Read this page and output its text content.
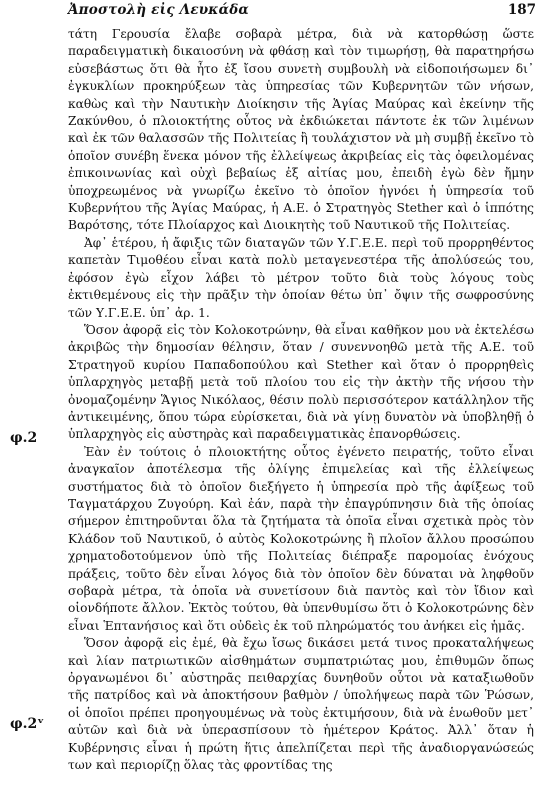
Ἀποστολὴ εἰς Λευκάδα	187
φ.2
φ.2ᵛ

τάτη Γερουσία ἔλαβε σοβαρὰ μέτρα, διὰ νὰ κατορθώσῃ ὥστε παραδειγματικὴ δικαιοσύνη νὰ φθάσῃ καὶ τὸν τιμωρήσῃ, θὰ παρατηρήσω εὐσεβάστως ὅτι θὰ ἦτο ἐξ ἴσου συνετὴ συμβουλὴ νὰ εἰδοποιήσωμεν δι᾽ ἐγκυκλίων προκηρύξεων τὰς ὑπηρεσίας τῶν Κυβερνητῶν τῶν νήσων, καθὼς καὶ τὴν Ναυτικὴν Διοίκησιν τῆς Ἁγίας Μαύρας καὶ ἐκείνην τῆς Ζακύνθου, ὁ πλοιοκτήτης οὗτος νὰ ἐκδιώκεται πάντοτε ἐκ τῶν λιμένων καὶ ἐκ τῶν θαλασσῶν τῆς Πολιτείας ἢ τουλάχιστον νὰ μὴ συμβῇ ἐκεῖνο τὸ ὁποῖον συνέβη ἕνεκα μόνον τῆς ἐλλείψεως ἀκριβείας εἰς τὰς ὀφειλομένας ἐπικοινωνίας καὶ οὐχὶ βεβαίως ἐξ αἰτίας μου, ἐπειδὴ ἐγὼ δὲν ἤμην ὑποχρεωμένος νὰ γνωρίζω ἐκεῖνο τὸ ὁποῖον ἠγνόει ἡ ὑπηρεσία τοῦ Κυβερνήτου τῆς Ἁγίας Μαύρας, ἡ Α.Ε. ὁ Στρατηγὸς Stether καὶ ὁ ἱππότης Βαρότσης, τότε Πλοίαρχος καὶ Διοικητὴς τοῦ Ναυτικοῦ τῆς Πολιτείας.

Ἀφ᾽ ἑτέρου, ἡ ἄφιξις τῶν διαταγῶν τῶν Υ.Γ.Ε.Ε. περὶ τοῦ προρρηθέντος καπετὰν Τιμοθέου εἶναι κατὰ πολὺ μεταγενεστέρα τῆς ἀπολύσεώς του, ἐφόσον ἐγὼ εἶχον λάβει τὸ μέτρον τοῦτο διὰ τοὺς λόγους τοὺς ἐκτιθεμένους εἰς τὴν πρᾶξιν τὴν ὁποίαν θέτω ὑπ᾽ ὄψιν τῆς σωφροσύνης τῶν Υ.Γ.Ε.Ε. ὑπ᾽ ἀρ. 1.

Ὅσον ἀφορᾷ εἰς τὸν Κολοκοτρώνην, θὰ εἶναι καθῆκον μου νὰ ἐκτελέσω ἀκριβῶς τὴν δημοσίαν θέλησιν, ὅταν / συνεννοηθῶ μετὰ τῆς Α.Ε. τοῦ Στρατηγοῦ κυρίου Παπαδοπούλου καὶ Stether καὶ ὅταν ὁ προρρηθεὶς ὑπλαρχηγὸς μεταβῇ μετὰ τοῦ πλοίου του εἰς τὴν ἀκτὴν τῆς νήσου τὴν ὀνομαζομένην Ἅγιος Νικόλαος, θέσιν πολὺ περισσότερον κατάλληλον τῆς ἀντικειμένης, ὅπου τώρα εὑρίσκεται, διὰ νὰ γίνῃ δυνατὸν νὰ ὑποβληθῇ ὁ ὑπλαρχηγὸς εἰς αὐστηρὰς καὶ παραδειγματικὰς ἐπανορθώσεις.

Ἐὰν ἐν τούτοις ὁ πλοιοκτήτης οὗτος ἐγένετο πειρατής, τοῦτο εἶναι ἀναγκαῖον ἀποτέλεσμα τῆς ὀλίγης ἐπιμελείας καὶ τῆς ἐλλείψεως συστήματος διὰ τὸ ὁποῖον διεξήγετο ἡ ὑπηρεσία πρὸ τῆς ἀφίξεως τοῦ Ταγματάρχου Ζυγούρη. Καὶ ἐάν, παρὰ τὴν ἐπαγρύπνησιν διὰ τῆς ὁποίας σήμερον ἐπιτηροῦνται ὅλα τὰ ζητήματα τὰ ὁποῖα εἶναι σχετικὰ πρὸς τὸν Κλάδον τοῦ Ναυτικοῦ, ὁ αὐτὸς Κολοκοτρώνης ἢ πλοῖον ἄλλου προσώπου χρηματοδοτούμενον ὑπὸ τῆς Πολιτείας διέπραξε παρομοίας ἐνόχους πράξεις, τοῦτο δὲν εἶναι λόγος διὰ τὸν ὁποῖον δὲν δύναται νὰ ληφθοῦν σοβαρὰ μέτρα, τὰ ὁποῖα νὰ συνετίσουν διὰ παντὸς καὶ τὸν ἴδιον καὶ οἱονδήποτε ἄλλον. Ἐκτὸς τούτου, θὰ ὑπενθυμίσω ὅτι ὁ Κολοκοτρώνης δὲν εἶναι Ἑπτανήσιος καὶ ὅτι οὐδεὶς ἐκ τοῦ πληρώματός του ἀνήκει εἰς ἡμᾶς.

Ὅσον ἀφορᾷ εἰς ἐμέ, θὰ ἔχω ἴσως δικάσει μετά τινος προκαταλήψεως καὶ λίαν πατριωτικῶν αἰσθημάτων συμπατριώτας μου, ἐπιθυμῶν ὅπως ὀργανωμένοι δι᾽ αὐστηρᾶς πειθαρχίας δυνηθοῦν οὗτοι νὰ καταξιωθοῦν τῆς πατρίδος καὶ νὰ ἀποκτήσουν βαθμὸν / ὑπολήψεως παρὰ τῶν Ῥώσων, οἱ ὁποῖοι πρέπει προηγουμένως νὰ τοὺς ἐκτιμήσουν, διὰ νὰ ἑνωθοῦν μετ᾽ αὐτῶν καὶ διὰ νὰ ὑπερασπίσουν τὸ ἡμέτερον Κράτος. Ἀλλ᾽ ὅταν ἡ Κυβέρνησις εἶναι ἡ πρώτη ἥτις ἀπελπίζεται περὶ τῆς ἀναδιοργανώσεώς των καὶ περιορίζῃ ὅλας τὰς φροντίδας της
